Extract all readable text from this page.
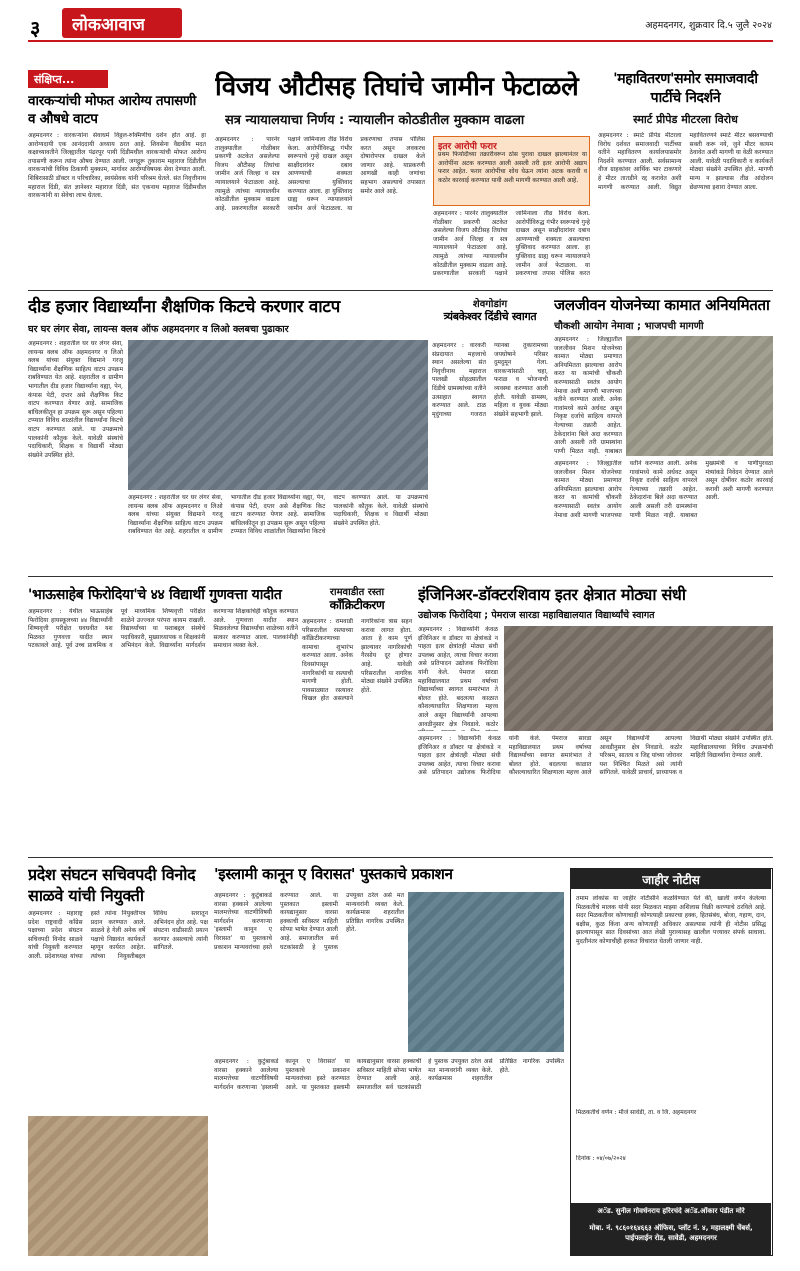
३ लोकआवाज	अहमदनगर, शुक्रवार दि.५ जुलै २०२४
संक्षिप्त...
वारकऱ्यांची मोफत आरोग्य तपासणी व औषधे वाटप
अहमदनगर : वारकऱ्यांना सेवाधर्म विठ्ठल-रुक्मिणीच दर्शन होत आहे. हा आरोग्यदायी एक आनंददायी अध्याय ठरत आहे. शिवसेना वैद्यकीय मदत कक्षाच्यावतीने जिल्ह्यातील पंढरपूर पायी दिंडीमधील वारकऱ्यांची मोफत आरोग्य तपासणी करून त्यांना औषध देण्यात आली. जगद्गुरू तुकाराम महाराज दिंडीतील वारकऱ्यांची विविध ठिकाणी मुक्काम, मार्गावर आरोग्यविषयक सेवा देण्यात आली. शिबिरासाठी डॉक्टर व परिचारिका, स्वयंसेवक यांनी परिश्रम घेतले. संत निवृत्तीनाथ महाराज दिंडी, संत ज्ञानेश्वर महाराज दिंडी, संत एकनाथ महाराज दिंडीमधील वारकऱ्यांनी या सेवेचा लाभ घेतला.
विजय औटीसह तिघांचे जामीन फेटाळले
सत्र न्यायालयाचा निर्णय : न्यायालीन कोठडीतील मुक्काम वाढला
अहमदनगर : पारनेर तालुक्यातील गोळीबार प्रकरणी अटकेत असलेल्या विजय औटीसह तिघांचा जामीन अर्ज जिल्हा व सत्र न्यायालयाने फेटाळला आहे. त्यामुळे त्यांच्या न्यायालयीन कोठडीतील मुक्काम वाढला आहे. प्रकरणातील सरकारी पक्षाने जामिनाला तीव्र विरोध केला. आरोपींविरुद्ध गंभीर स्वरूपाचे गुन्हे दाखल असून साक्षीदारांवर दबाव आणण्याची शक्यता असल्याचा युक्तिवाद करण्यात आला. हा युक्तिवाद ग्राह्य धरून न्यायालयाने जामीन अर्ज फेटाळला. या प्रकरणाचा तपास पोलिस करत असून लवकरच दोषारोपपत्र दाखल केले जाणार आहे. याप्रकरणी आणखी काही जणांचा सहभाग असल्याचे तपासात समोर आले आहे.
इतर आरोपी फरार
प्रथम फिर्यादीच्या तक्रारीवरून ठोस पुरावा दाखल झाल्यानंतर या आरोपींना अटक करण्यात आली असली तरी इतर आरोपी अद्याप फरार आहेत. फरार आरोपींचा शोध घेऊन त्यांना अटक करावी व कठोर कारवाई करण्यात यावी अशी मागणी करण्यात आली आहे.
अहमदनगर : पारनेर तालुक्यातील गोळीबार प्रकरणी अटकेत असलेल्या विजय औटीसह तिघांचा जामीन अर्ज जिल्हा व सत्र न्यायालयाने फेटाळला आहे. त्यामुळे त्यांच्या न्यायालयीन कोठडीतील मुक्काम वाढला आहे. प्रकरणातील सरकारी पक्षाने जामिनाला तीव्र विरोध केला. आरोपींविरुद्ध गंभीर स्वरूपाचे गुन्हे दाखल असून साक्षीदारांवर दबाव आणण्याची शक्यता असल्याचा युक्तिवाद करण्यात आला. हा युक्तिवाद ग्राह्य धरून न्यायालयाने जामीन अर्ज फेटाळला. या प्रकरणाचा तपास पोलिस करत
'महावितरण'समोर समाजवादी पार्टीचे निदर्शने
स्मार्ट प्रीपेड मीटरला विरोध
अहमदनगर : स्मार्ट प्रीपेड मीटरला विरोध दर्शवत समाजवादी पार्टीच्या वतीने महावितरण कार्यालयासमोर निदर्शने करण्यात आली. सर्वसामान्य वीज ग्राहकांवर आर्थिक भार टाकणारे हे मीटर तातडीने रद्द करावेत अशी मागणी करण्यात आली. विद्युत महावितरणने स्मार्ट मीटर बसवण्याची सक्ती करू नये, जुने मीटर कायम ठेवावेत अशी मागणी या वेळी करण्यात आली. यावेळी पदाधिकारी व कार्यकर्ते मोठ्या संख्येने उपस्थित होते. मागणी मान्य न झाल्यास तीव्र आंदोलन छेडण्याचा इशारा देण्यात आला.
दीड हजार विद्यार्थ्यांना शैक्षणिक किटचे करणार वाटप
घर घर लंगर सेवा, लायन्स क्लब ऑफ अहमदनगर व लिओ क्लबचा पुढाकार
अहमदनगर : शहरातील घर घर लंगर सेवा, लायन्स क्लब ऑफ अहमदनगर व लिओ क्लब यांच्या संयुक्त विद्यमाने गरजू विद्यार्थ्यांना शैक्षणिक साहित्य वाटप उपक्रम राबविण्यात येत आहे. शहरातील व ग्रामीण भागातील दीड हजार विद्यार्थ्यांना वह्या, पेन, कंपास पेटी, दप्तर असे शैक्षणिक किट वाटप करण्यात येणार आहे. सामाजिक बांधिलकीतून हा उपक्रम सुरू असून पहिल्या टप्प्यात विविध शाळांतील विद्यार्थ्यांना किटचे वाटप करण्यात आले. या उपक्रमाचे पालकांनी कौतुक केले. यावेळी संस्थांचे पदाधिकारी, शिक्षक व विद्यार्थी मोठ्या संख्येने उपस्थित होते.
अहमदनगर : शहरातील घर घर लंगर सेवा, लायन्स क्लब ऑफ अहमदनगर व लिओ क्लब यांच्या संयुक्त विद्यमाने गरजू विद्यार्थ्यांना शैक्षणिक साहित्य वाटप उपक्रम राबविण्यात येत आहे. शहरातील व ग्रामीण भागातील दीड हजार विद्यार्थ्यांना वह्या, पेन, कंपास पेटी, दप्तर असे शैक्षणिक किट वाटप करण्यात येणार आहे. सामाजिक बांधिलकीतून हा उपक्रम सुरू असून पहिल्या टप्प्यात विविध शाळांतील विद्यार्थ्यांना किटचे वाटप करण्यात आले. या उपक्रमाचे पालकांनी कौतुक केले. यावेळी संस्थांचे पदाधिकारी, शिक्षक व विद्यार्थी मोठ्या संख्येने उपस्थित होते.
शेवगोडांग
त्र्यंबकेश्वर दिंडीचे स्वागत
अहमदनगर : वारकरी संप्रदायात महत्त्वाचे स्थान असलेल्या संत निवृत्तीनाथ महाराज पालखी सोहळ्यातील दिंडीचे ग्रामस्थांच्या वतीने उत्साहात स्वागत करण्यात आले. टाळ मृदुंगाच्या गजरात ग्यानबा तुकारामच्या जयघोषाने परिसर दुमदुमून गेला. वारकऱ्यांसाठी चहा, फराळ व भोजनाची व्यवस्था करण्यात आली होती. यावेळी ग्रामस्थ, महिला व युवक मोठ्या संख्येने सहभागी झाले.
जलजीवन योजनेच्या कामात अनियमितता
चौकशी आयोग नेमावा ; भाजपची मागणी
अहमदनगर : जिल्ह्यातील जलजीवन मिशन योजनेच्या कामात मोठ्या प्रमाणात अनियमितता झाल्याचा आरोप करत या कामांची चौकशी करण्यासाठी स्वतंत्र आयोग नेमावा अशी मागणी भाजपच्या वतीने करण्यात आली. अनेक गावांमध्ये कामे अर्धवट असून निकृष्ट दर्जाचे साहित्य वापरले गेल्याच्या तक्रारी आहेत. ठेकेदारांना बिले अदा करण्यात आली असली तरी ग्रामस्थांना पाणी मिळत नाही. याबाबत
अहमदनगर : जिल्ह्यातील जलजीवन मिशन योजनेच्या कामात मोठ्या प्रमाणात अनियमितता झाल्याचा आरोप करत या कामांची चौकशी करण्यासाठी स्वतंत्र आयोग नेमावा अशी मागणी भाजपच्या वतीने करण्यात आली. अनेक गावांमध्ये कामे अर्धवट असून निकृष्ट दर्जाचे साहित्य वापरले गेल्याच्या तक्रारी आहेत. ठेकेदारांना बिले अदा करण्यात आली असली तरी ग्रामस्थांना पाणी मिळत नाही. याबाबत मुख्यमंत्री व पाणीपुरवठा मंत्र्यांकडे निवेदन देण्यात आले असून दोषींवर कठोर कारवाई करावी अशी मागणी करण्यात आली.
'भाऊसाहेब फिरोदिया'चे ४४ विद्यार्थी गुणवत्ता यादीत
अहमदनगर : येथील भाऊसाहेब फिरोदिया हायस्कूलच्या ४४ विद्यार्थ्यांनी शिष्यवृत्ती परीक्षेत घवघवीत यश मिळवत गुणवत्ता यादीत स्थान पटकावले आहे. पूर्व उच्च प्राथमिक व पूर्व माध्यमिक शिष्यवृत्ती परीक्षेत शाळेने उज्ज्वल परंपरा कायम राखली. विद्यार्थ्यांच्या या यशाबद्दल संस्थेचे पदाधिकारी, मुख्याध्यापक व शिक्षकांनी अभिनंदन केले. विद्यार्थ्यांना मार्गदर्शन करणाऱ्या शिक्षकांचेही कौतुक करण्यात आले. गुणवत्ता यादीत स्थान मिळवलेल्या विद्यार्थ्यांचा शाळेच्या वतीने सत्कार करण्यात आला. पालकांनीही समाधान व्यक्त केले.
रामवाडीत रस्ता
कॉंक्रिटीकरण
अहमदनगर : रामवाडी परिसरातील रस्त्याच्या कॉंक्रिटीकरणाच्या कामाचा शुभारंभ करण्यात आला. अनेक दिवसांपासून नागरिकांची या रस्त्याची मागणी होती. पावसाळ्यात रस्त्यावर चिखल होत असल्याने नागरिकांना त्रास सहन करावा लागत होता. आता हे काम पूर्ण झाल्यावर नागरिकांची गैरसोय दूर होणार आहे. यावेळी परिसरातील नागरिक मोठ्या संख्येने उपस्थित होते.
इंजिनिअर-डॉक्टरशिवाय इतर क्षेत्रात मोठ्या संधी
उद्योजक फिरोदिया ; पेमराज सारडा महाविद्यालयात विद्यार्थ्यांचे स्वागत
अहमदनगर : विद्यार्थ्यांनी केवळ इंजिनिअर व डॉक्टर या क्षेत्रांकडे न पाहता इतर क्षेत्रांतही मोठ्या संधी उपलब्ध आहेत, त्याचा विचार करावा असे प्रतिपादन उद्योजक फिरोदिया यांनी केले. पेमराज सारडा महाविद्यालयात प्रथम वर्षाच्या विद्यार्थ्यांच्या स्वागत समारंभात ते बोलत होते. बदलत्या काळात कौशल्याधारित शिक्षणाला महत्त्व आले असून विद्यार्थ्यांनी आपल्या आवडीनुसार क्षेत्र निवडावे. कठोर
अहमदनगर : विद्यार्थ्यांनी केवळ इंजिनिअर व डॉक्टर या क्षेत्रांकडे न पाहता इतर क्षेत्रांतही मोठ्या संधी उपलब्ध आहेत, त्याचा विचार करावा असे प्रतिपादन उद्योजक फिरोदिया यांनी केले. पेमराज सारडा महाविद्यालयात प्रथम वर्षाच्या विद्यार्थ्यांच्या स्वागत समारंभात ते बोलत होते. बदलत्या काळात कौशल्याधारित शिक्षणाला महत्त्व आले असून विद्यार्थ्यांनी आपल्या आवडीनुसार क्षेत्र निवडावे. कठोर परिश्रम, सातत्य व जिद्द यांच्या जोरावर यश निश्चित मिळते असे त्यांनी सांगितले. यावेळी प्राचार्य, प्राध्यापक व विद्यार्थी मोठ्या संख्येने उपस्थित होते. महाविद्यालयाच्या विविध उपक्रमांची माहिती विद्यार्थ्यांना देण्यात आली.
प्रदेश संघटन सचिवपदी विनोद साळवे यांची नियुक्ती
अहमदनगर : महाराष्ट्र प्रदेश राष्ट्रवादी काँग्रेस पक्षाच्या प्रदेश संघटन सचिवपदी विनोद साळवे यांची नियुक्ती करण्यात आली. प्रदेशाध्यक्ष यांच्या हस्ते त्यांना नियुक्तीपत्र प्रदान करण्यात आले. साळवे हे गेली अनेक वर्षे पक्षाचे निष्ठावंत कार्यकर्ते म्हणून कार्यरत आहेत. त्यांच्या नियुक्तीबद्दल विविध स्तरातून अभिनंदन होत आहे. पक्ष संघटना वाढीसाठी प्रयत्न करणार असल्याचे त्यांनी सांगितले.
'इस्लामी कानून ए विरासत' पुस्तकाचे प्रकाशन
अहमदनगर : कुटुंबाकडे वारसा हक्काने आलेल्या मालमत्तेच्या वाटणीविषयी मार्गदर्शन करणाऱ्या 'इस्लामी कानून ए विरासत' या पुस्तकाचे प्रकाशन मान्यवरांच्या हस्ते करण्यात आले. या पुस्तकात इस्लामी कायद्यानुसार वारसा हक्काची सविस्तर माहिती सोप्या भाषेत देण्यात आली आहे. समाजातील सर्व घटकांसाठी हे पुस्तक उपयुक्त ठरेल असे मत मान्यवरांनी व्यक्त केले. कार्यक्रमास शहरातील प्रतिष्ठित नागरिक उपस्थित होते.
अहमदनगर : कुटुंबाकडे वारसा हक्काने आलेल्या मालमत्तेच्या वाटणीविषयी मार्गदर्शन करणाऱ्या 'इस्लामी कानून ए विरासत' या पुस्तकाचे प्रकाशन मान्यवरांच्या हस्ते करण्यात आले. या पुस्तकात इस्लामी कायद्यानुसार वारसा हक्काची सविस्तर माहिती सोप्या भाषेत देण्यात आली आहे. समाजातील सर्व घटकांसाठी हे पुस्तक उपयुक्त ठरेल असे मत मान्यवरांनी व्यक्त केले. कार्यक्रमास शहरातील प्रतिष्ठित नागरिक उपस्थित होते.
जाहीर नोटीस
तमाम लोकांस या जाहीर नोटीसीने कळविण्यात येते की, खाली वर्णन केलेल्या मिळकतीचे मालक यांनी सदर मिळकत माझ्या अशिलास विक्री करण्याचे ठरविले आहे. सदर मिळकतीवर कोणाचाही कोणत्याही प्रकारचा हक्क, हितसंबंध, बोजा, गहाण, दान, बक्षीस, कुळ किंवा अन्य कोणताही अधिकार असल्यास त्यांनी ही नोटीस प्रसिद्ध झाल्यापासून सात दिवसांच्या आत लेखी पुराव्यासह खालील पत्त्यावर संपर्क साधावा. मुदतीनंतर कोणाचीही हरकत विचारात घेतली जाणार नाही.
मिळकतीचे वर्णन : मौजे सावेडी, ता. व जि. अहमदनगर
दिनांक : ०४/०७/२०२४
अॅड. सुनील गोवर्धनराय हरिरचंदे अॅड.ओंकार पंडीत मोरे
मोबा. नं. ९८६०१६४६६३ ऑफिस, प्लॉट नं. ४, महालक्ष्मी चेंबर्स, पाईपलाईन रोड, सावेडी, अहमदनगर
